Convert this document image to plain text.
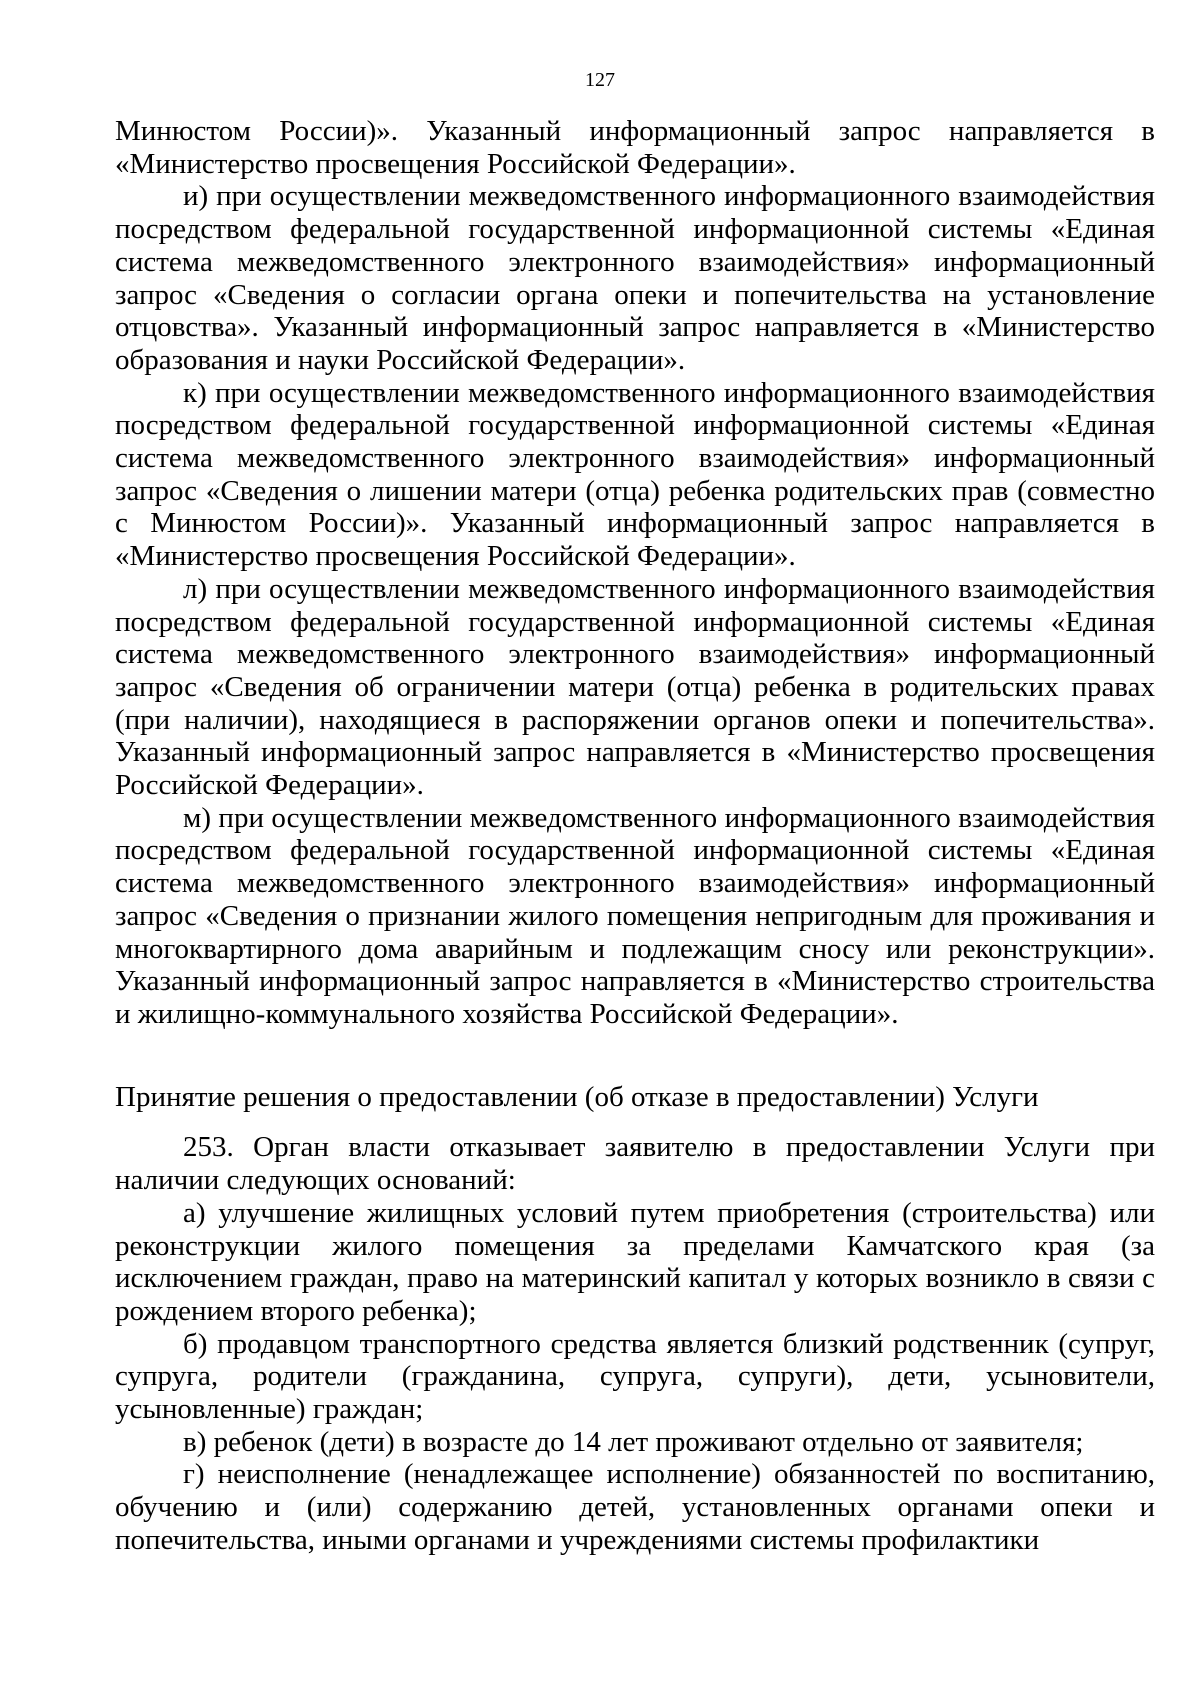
127

Минюстом России)». Указанный информационный запрос направляется в «Министерство просвещения Российской Федерации».

и) при осуществлении межведомственного информационного взаимодействия посредством федеральной государственной информационной системы «Единая система межведомственного электронного взаимодействия» информационный запрос «Сведения о согласии органа опеки и попечительства на установление отцовства». Указанный информационный запрос направляется в «Министерство образования и науки Российской Федерации».

к) при осуществлении межведомственного информационного взаимодействия посредством федеральной государственной информационной системы «Единая система межведомственного электронного взаимодействия» информационный запрос «Сведения о лишении матери (отца) ребенка родительских прав (совместно с Минюстом России)». Указанный информационный запрос направляется в «Министерство просвещения Российской Федерации».

л) при осуществлении межведомственного информационного взаимодействия посредством федеральной государственной информационной системы «Единая система межведомственного электронного взаимодействия» информационный запрос «Сведения об ограничении матери (отца) ребенка в родительских правах (при наличии), находящиеся в распоряжении органов опеки и попечительства». Указанный информационный запрос направляется в «Министерство просвещения Российской Федерации».

м) при осуществлении межведомственного информационного взаимодействия посредством федеральной государственной информационной системы «Единая система межведомственного электронного взаимодействия» информационный запрос «Сведения о признании жилого помещения непригодным для проживания и многоквартирного дома аварийным и подлежащим сносу или реконструкции». Указанный информационный запрос направляется в «Министерство строительства и жилищно-коммунального хозяйства Российской Федерации».

Принятие решения о предоставлении (об отказе в предоставлении) Услуги

253. Орган власти отказывает заявителю в предоставлении Услуги при наличии следующих оснований:

а) улучшение жилищных условий путем приобретения (строительства) или реконструкции жилого помещения за пределами Камчатского края (за исключением граждан, право на материнский капитал у которых возникло в связи с рождением второго ребенка);

б) продавцом транспортного средства является близкий родственник (супруг, супруга, родители (гражданина, супруга, супруги), дети, усыновители, усыновленные) граждан;

в) ребенок (дети) в возрасте до 14 лет проживают отдельно от заявителя;

г) неисполнение (ненадлежащее исполнение) обязанностей по воспитанию, обучению и (или) содержанию детей, установленных органами опеки и попечительства, иными органами и учреждениями системы профилактики
